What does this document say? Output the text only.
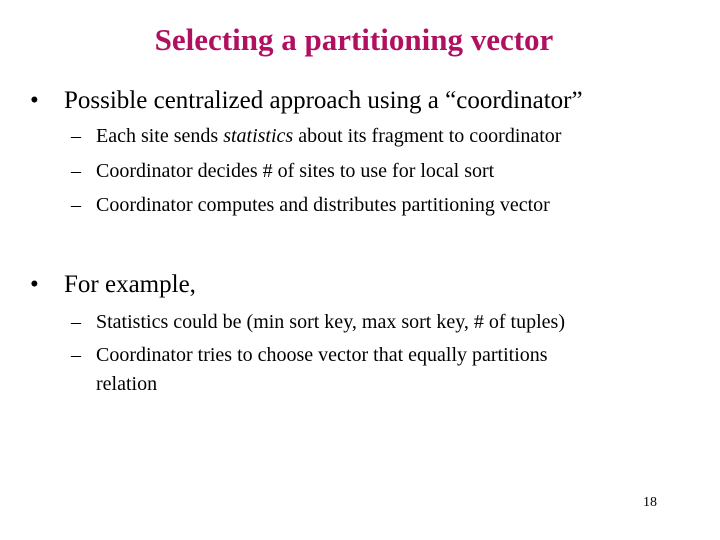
Selecting a partitioning vector
• Possible centralized approach using a “coordinator”
– Each site sends statistics about its fragment to coordinator
– Coordinator decides # of sites to use for local sort
– Coordinator computes and distributes partitioning vector
• For example,
– Statistics could be (min sort key, max sort key, # of tuples)
– Coordinator tries to choose vector that equally partitions
relation
18
